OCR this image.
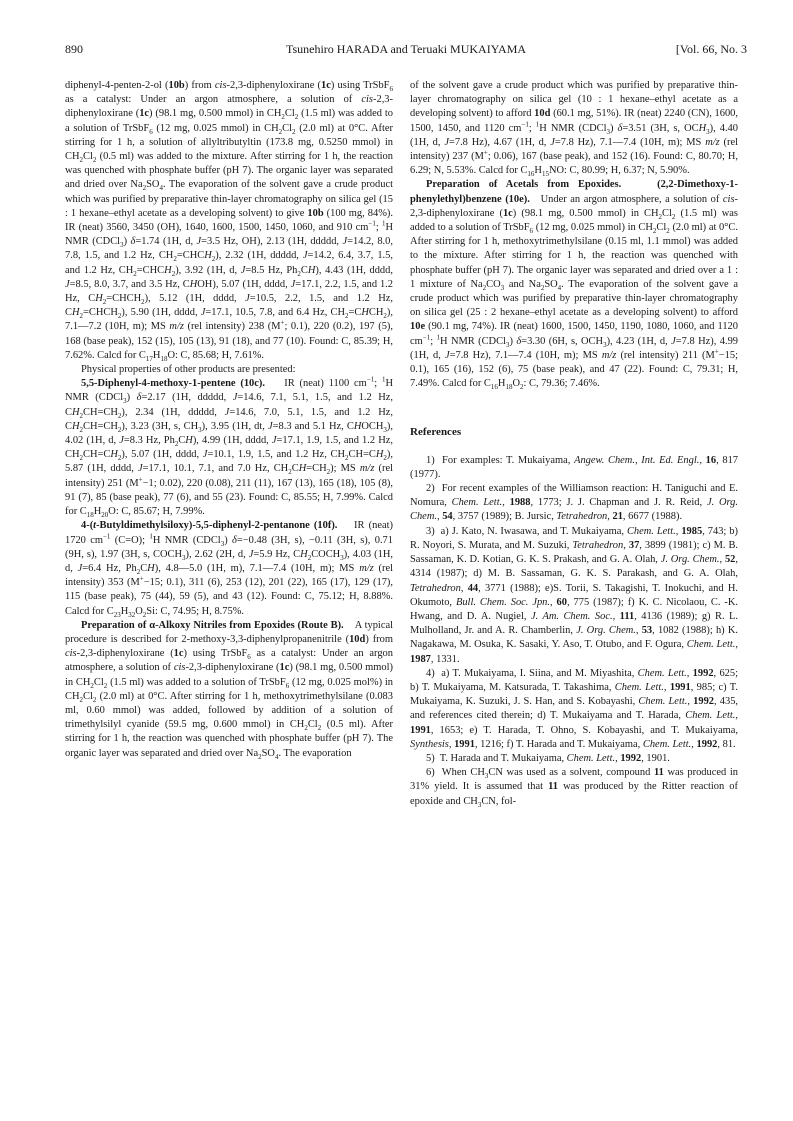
890	Tsunehiro HARADA and Teruaki MUKAIYAMA	[Vol. 66, No. 3

diphenyl-4-penten-2-ol (10b) from cis-2,3-diphenyloxirane (1c) using TrSbF$_6$ as a catalyst: Under an argon atmosphere, a solution of cis-2,3-diphenyloxirane (1c) (98.1 mg, 0.500 mmol) in $CH_2Cl_2$ (1.5 ml) was added to a solution of TrSbF$_6$ (12 mg, 0.025 mmol) in $CH_2Cl_2$ (2.0 ml) at 0°C. After stirring for 1 h, a solution of allyltributyltin (173.8 mg, 0.5250 mmol) in $CH_2Cl_2$ (0.5 ml) was added to the mixture. After stirring for 1 h, the reaction was quenched with phosphate buffer (pH 7). The organic layer was separated and dried over $Na_2SO_4$. The evaporation of the solvent gave a crude product which was purified by preparative thin-layer chromatography on silica gel (15 : 1 hexane–ethyl acetate as a developing solvent) to give 10b (100 mg, 84%). IR (neat) 3560, 3450 (OH), 1640, 1600, 1500, 1450, 1060, and 910 $cm^{-1}$; $^1$H NMR (CDCl$_3$) δ=1.74 (1H, d, J=3.5 Hz, OH), 2.13 (1H, ddddd, J=14.2, 8.0, 7.8, 1.5, and 1.2 Hz, $CH_2=CHCH_2$), 2.32 (1H, ddddd, J=14.2, 6.4, 3.7, 1.5, and 1.2 Hz, $CH_2=CHCH_2$), 3.92 (1H, d, J=8.5 Hz, $Ph_2CH$), 4.43 (1H, dddd, J=8.5, 8.0, 3.7, and 3.5 Hz, CHOH), 5.07 (1H, dddd, J=17.1, 2.2, 1.5, and 1.2 Hz, $CH_2=CHCH_2$), 5.12 (1H, dddd, J=10.5, 2.2, 1.5, and 1.2 Hz, $CH_2=CHCH_2$), 5.90 (1H, dddd, J=17.1, 10.5, 7.8, and 6.4 Hz, $CH_2=CHCH_2$), 7.1—7.2 (10H, m); MS m/z (rel intensity) 238 (M+; 0.1), 220 (0.2), 197 (5), 168 (base peak), 152 (15), 105 (13), 91 (18), and 77 (10). Found: C, 85.39; H, 7.62%. Calcd for $C_{17}H_{18}O$: C, 85.68; H, 7.61%.

Physical properties of other products are presented:

5,5-Diphenyl-4-methoxy-1-pentene (10c).    IR (neat) 1100 $cm^{-1}$; $^1$H NMR (CDCl$_3$) δ=2.17 (1H, ddddd, J=14.6, 7.1, 5.1, 1.5, and 1.2 Hz, $CH_2CH=CH_2$), 2.34 (1H, ddddd, J=14.6, 7.0, 5.1, 1.5, and 1.2 Hz, $CH_2CH=CH_2$), 3.23 (3H, s, $CH_3$), 3.95 (1H, dt, J=8.3 and 5.1 Hz, $CHOCH_3$), 4.02 (1H, d, J=8.3 Hz, $Ph_2CH$), 4.99 (1H, dddd, J=17.1, 1.9, 1.5, and 1.2 Hz, $CH_2CH=CH_2$), 5.07 (1H, dddd, J=10.1, 1.9, 1.5, and 1.2 Hz, $CH_2CH=CH_2$), 5.87 (1H, dddd, J=17.1, 10.1, 7.1, and 7.0 Hz, $CH_2CH=CH_2$); MS m/z (rel intensity) 251 (M+−1; 0.02), 220 (0.08), 211 (11), 167 (13), 165 (18), 105 (8), 91 (7), 85 (base peak), 77 (6), and 55 (23). Found: C, 85.55; H, 7.99%. Calcd for $C_{18}H_{20}O$: C, 85.67; H, 7.99%.

4-(t-Butyldimethylsiloxy)-5,5-diphenyl-2-pentanone (10f).    IR (neat) 1720 $cm^{-1}$ (C=O); $^1$H NMR (CDCl$_3$) δ=−0.48 (3H, s), −0.11 (3H, s), 0.71 (9H, s), 1.97 (3H, s, $COCH_3$), 2.62 (2H, d, J=5.9 Hz, $CH_2COCH_3$), 4.03 (1H, d, J=6.4 Hz, $Ph_2CH$), 4.8—5.0 (1H, m), 7.1—7.4 (10H, m); MS m/z (rel intensity) 353 (M+−15; 0.1), 311 (6), 253 (12), 201 (22), 165 (17), 129 (17), 115 (base peak), 75 (44), 59 (5), and 43 (12). Found: C, 75.12; H, 8.88%. Calcd for $C_{23}H_{32}O_2Si$: C, 74.95; H, 8.75%.

Preparation of α-Alkoxy Nitriles from Epoxides (Route B).    A typical procedure is described for 2-methoxy-3,3-diphenylpropanenitrile (10d) from cis-2,3-diphenyloxirane (1c) using TrSbF$_6$ as a catalyst: Under an argon atmosphere, a solution of cis-2,3-diphenyloxirane (1c) (98.1 mg, 0.500 mmol) in $CH_2Cl_2$ (1.5 ml) was added to a solution of TrSbF$_6$ (12 mg, 0.025 mol%) in $CH_2Cl_2$ (2.0 ml) at 0°C. After stirring for 1 h, methoxytrimethylsilane (0.083 ml, 0.60 mmol) was added, followed by addition of a solution of trimethylsilyl cyanide (59.5 mg, 0.600 mmol) in $CH_2Cl_2$ (0.5 ml). After stirring for 1 h, the reaction was quenched with phosphate buffer (pH 7). The organic layer was separated and dried over $Na_2SO_4$. The evaporation

of the solvent gave a crude product which was purified by preparative thin-layer chromatography on silica gel (10 : 1 hexane–ethyl acetate as a developing solvent) to afford 10d (60.1 mg, 51%). IR (neat) 2240 (CN), 1600, 1500, 1450, and 1120 $cm^{-1}$; $^1$H NMR (CDCl$_3$) δ=3.51 (3H, s, $OCH_3$), 4.40 (1H, d, J=7.8 Hz), 4.67 (1H, d, J=7.8 Hz), 7.1—7.4 (10H, m); MS m/z (rel intensity) 237 (M+; 0.06), 167 (base peak), and 152 (16). Found: C, 80.70; H, 6.29; N, 5.53%. Calcd for $C_{16}H_{15}NO$: C, 80.99; H, 6.37; N, 5.90%.

Preparation of Acetals from Epoxides.    (2,2-Dimethoxy-1-phenylethyl)benzene (10e).   Under an argon atmosphere, a solution of cis-2,3-diphenyloxirane (1c) (98.1 mg, 0.500 mmol) in $CH_2Cl_2$ (1.5 ml) was added to a solution of TrSbF$_6$ (12 mg, 0.025 mmol) in $CH_2Cl_2$ (2.0 ml) at 0°C. After stirring for 1 h, methoxytrimethylsilane (0.15 ml, 1.1 mmol) was added to the mixture. After stirring for 1 h, the reaction was quenched with phosphate buffer (pH 7). The organic layer was separated and dried over a 1 : 1 mixture of $Na_2CO_3$ and $Na_2SO_4$. The evaporation of the solvent gave a crude product which was purified by preparative thin-layer chromatography on silica gel (25 : 2 hexane–ethyl acetate as a developing solvent) to afford 10e (90.1 mg, 74%). IR (neat) 1600, 1500, 1450, 1190, 1080, 1060, and 1120 $cm^{-1}$; $^1$H NMR (CDCl$_3$) δ=3.30 (6H, s, $OCH_3$), 4.23 (1H, d, J=7.8 Hz), 4.99 (1H, d, J=7.8 Hz), 7.1—7.4 (10H, m); MS m/z (rel intensity) 211 (M+−15; 0.1), 165 (16), 152 (6), 75 (base peak), and 47 (22). Found: C, 79.31; H, 7.49%. Calcd for $C_{16}H_{18}O_2$: C, 79.36; 7.46%.

References

1)  For examples: T. Mukaiyama, Angew. Chem., Int. Ed. Engl., 16, 817 (1977).

2)  For recent examples of the Williamson reaction: H. Taniguchi and E. Nomura, Chem. Lett., 1988, 1773; J. J. Chapman and J. R. Reid, J. Org. Chem., 54, 3757 (1989); B. Jursic, Tetrahedron, 21, 6677 (1988).

3)  a) J. Kato, N. Iwasawa, and T. Mukaiyama, Chem. Lett., 1985, 743; b) R. Noyori, S. Murata, and M. Suzuki, Tetrahedron, 37, 3899 (1981); c) M. B. Sassaman, K. D. Kotian, G. K. S. Prakash, and G. A. Olah, J. Org. Chem., 52, 4314 (1987); d) M. B. Sassaman, G. K. S. Parakash, and G. A. Olah, Tetrahedron, 44, 3771 (1988); e)S. Torii, S. Takagishi, T. Inokuchi, and H. Okumoto, Bull. Chem. Soc. Jpn., 60, 775 (1987); f) K. C. Nicolaou, C. -K. Hwang, and D. A. Nugiel, J. Am. Chem. Soc., 111, 4136 (1989); g) R. L. Mulholland, Jr. and A. R. Chamberlin, J. Org. Chem., 53, 1082 (1988); h) K. Nagakawa, M. Osuka, K. Sasaki, Y. Aso, T. Otubo, and F. Ogura, Chem. Lett., 1987, 1331.

4)  a) T. Mukaiyama, I. Siina, and M. Miyashita, Chem. Lett., 1992, 625; b) T. Mukaiyama, M. Katsurada, T. Takashima, Chem. Lett., 1991, 985; c) T. Mukaiyama, K. Suzuki, J. S. Han, and S. Kobayashi, Chem. Lett., 1992, 435, and references cited therein; d) T. Mukaiyama and T. Harada, Chem. Lett., 1991, 1653; e) T. Harada, T. Ohno, S. Kobayashi, and T. Mukaiyama, Synthesis, 1991, 1216; f) T. Harada and T. Mukaiyama, Chem. Lett., 1992, 81.

5)  T. Harada and T. Mukaiyama, Chem. Lett., 1992, 1901.

6)  When $CH_3CN$ was used as a solvent, compound 11 was produced in 31% yield. It is assumed that 11 was produced by the Ritter reaction of epoxide and $CH_3CN$, fol-
